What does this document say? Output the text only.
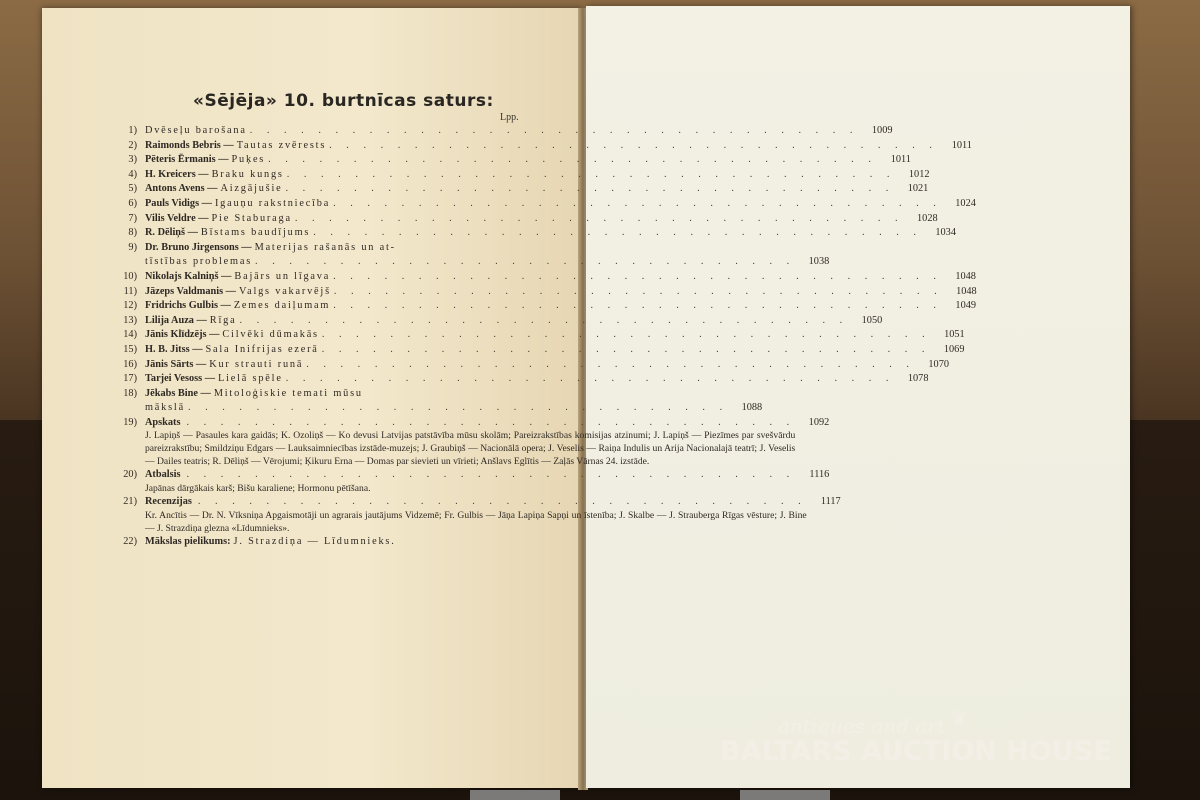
«Sējēja» 10. burtnīcas saturs:
Lpp.
1) Dvēseļu barošana . . . . . . . . . . . . . . . . . . . . . . . . . . . . . . . . . . . .	1009
2) Raimonds Bebris — Tautas zvērests . . . . . . . . . . . . . . . . . . . . . . . . . . . . . . . . . . . .	1011
3) Pēteris Ērmanis — Puķes . . . . . . . . . . . . . . . . . . . . . . . . . . . . . . . . . . . .	1011
4) H. Kreicers — Braku kungs . . . . . . . . . . . . . . . . . . . . . . . . . . . . . . . . . . . .	1012
5) Antons Avens — Aizgājušie . . . . . . . . . . . . . . . . . . . . . . . . . . . . . . . . . . . .	1021
6) Pauls Vidigs — Igauņu rakstniecība . . . . . . . . . . . . . . . . . . . . . . . . . . . . . . . . . . . .	1024
7) Vilis Veldre — Pie Staburaga . . . . . . . . . . . . . . . . . . . . . . . . . . . . . . . . . . . .	1028
8) R. Dēliņš — Bīstams baudījums . . . . . . . . . . . . . . . . . . . . . . . . . . . . . . . . . . . .	1034
9) Dr. Bruno Jirgensons — Materijas rašanās un at-
tīstības problemas . . . . . . . . . . . . . . . . . . . . . . . . . . . . . . . .	1038
10) Nikolajs Kalniņš — Bajārs un līgava . . . . . . . . . . . . . . . . . . . . . . . . . . . . . . . . . . . .	1048
11) Jāzeps Valdmanis — Valgs vakarvējš . . . . . . . . . . . . . . . . . . . . . . . . . . . . . . . . . . . .	1048
12) Fridrichs Gulbis — Zemes daiļumam . . . . . . . . . . . . . . . . . . . . . . . . . . . . . . . . . . . .	1049
13) Lilija Auza — Rīga . . . . . . . . . . . . . . . . . . . . . . . . . . . . . . . . . . . .	1050
14) Jānis Klīdzējs — Cilvēki dūmakās . . . . . . . . . . . . . . . . . . . . . . . . . . . . . . . . . . . .	1051
15) H. B. Jitss — Sala Inifrijas ezerā . . . . . . . . . . . . . . . . . . . . . . . . . . . . . . . . . . . .	1069
16) Jānis Sārts — Kur strauti runā . . . . . . . . . . . . . . . . . . . . . . . . . . . . . . . . . . . .	1070
17) Tarjei Vesoss — Lielā spēle . . . . . . . . . . . . . . . . . . . . . . . . . . . . . . . . . . . .	1078
18) Jēkabs Bine — Mitoloģiskie temati mūsu
mākslā . . . . . . . . . . . . . . . . . . . . . . . . . . . . . . . .	1088
19) Apskats . . . . . . . . . . . . . . . . . . . . . . . . . . . . . . . . . . . .	1092
J. Lapiņš — Pasaules kara gaidās; K. Ozoliņš — Ko devusi Latvijas patstāvība mūsu skolām; Pareizrakstības komisijas atzinumi; J. Lapiņš — Piezīmes par svešvārdu pareizrakstību; Smildziņu Edgars — Lauksaimniecības izstāde-muzejs; J. Graubiņš — Nacionālā opera; J. Veselis — Raiņa Indulis un Arija Nacionalajā teatrī; J. Veselis — Dailes teatris; R. Dēliņš — Vērojumi; Ķikuru Erna — Domas par sievieti un vīrieti; Anšlavs Eglītis — Zaļās Vārnas 24. izstāde.
20) Atbalsis . . . . . . . . . . . . . . . . . . . . . . . . . . . . . . . . . . . .	1116
Japānas dārgākais karš; Bišu karaliene; Hormonu pētīšana.
21) Recenzijas . . . . . . . . . . . . . . . . . . . . . . . . . . . . . . . . . . . .	1117
Kr. Ancītis — Dr. N. Vīksniņa Apgaismotāji un agrarais jautājums Vidzemē; Fr. Gulbis — Jāņa Lapiņa Sapņi un īstenība; J. Skalbe — J. Strauberga Rīgas vēsture; J. Bine — J. Strazdiņa glezna «Līdumnieks».
22) Mākslas pielikums: J. Strazdiņa — Līdumnieks.
♛
antiques and art
BALTARS AUCTION HOUSE
